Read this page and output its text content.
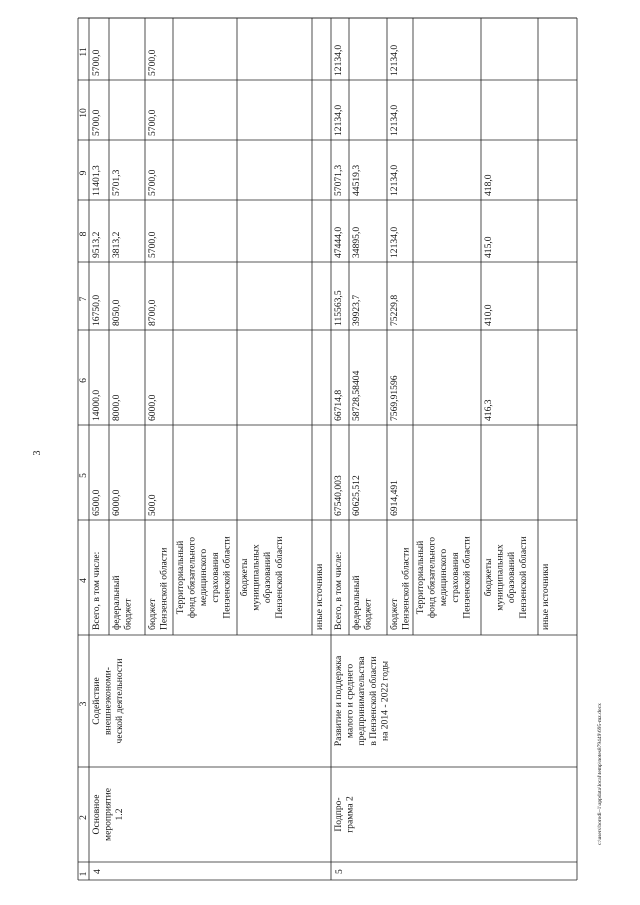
3
1
2
3
4
5
6
7
8
9
10
11
4
Основное мероприятие 1.2
Содействие внешнеэкономи- ческой деятельности
Всего, в том числе:
6500,0
14000,0
16750,0
9513,2
11401,3
5700,0
5700,0
федеральный бюджет
6000,0
8000,0
8050,0
3813,2
5701,3
бюджет Пензенской области
500,0
6000,0
8700,0
5700,0
5700,0
5700,0
5700,0
Территориальный фонд обязательного медицинского страхования Пензенской области бюджеты муниципальных образований Пензенской области	иные источники
5
Подпро- грамма 2
Развитие и поддержка малого и среднего предпринимательства в Пензенской области на 2014 - 2022 годы
Всего, в том числе:
67540,003
66714,8
115563,5
47444,0
57071,3
12134,0
12134,0
федеральный бюджет
60625,512
58728,58404
39923,7
34895,0
44519,3
бюджет Пензенской области
6914,491
7569,91596
75229,8
12134,0
12134,0
12134,0
12134,0
Территориальный фонд обязательного медицинского страхования Пензенской области бюджеты муниципальных образований Пензенской области
416,3
410,0
415,0
418,0
иные источники
c:\users\borodi~1\appdata\local\temp\notes879449\695-mz.docx
